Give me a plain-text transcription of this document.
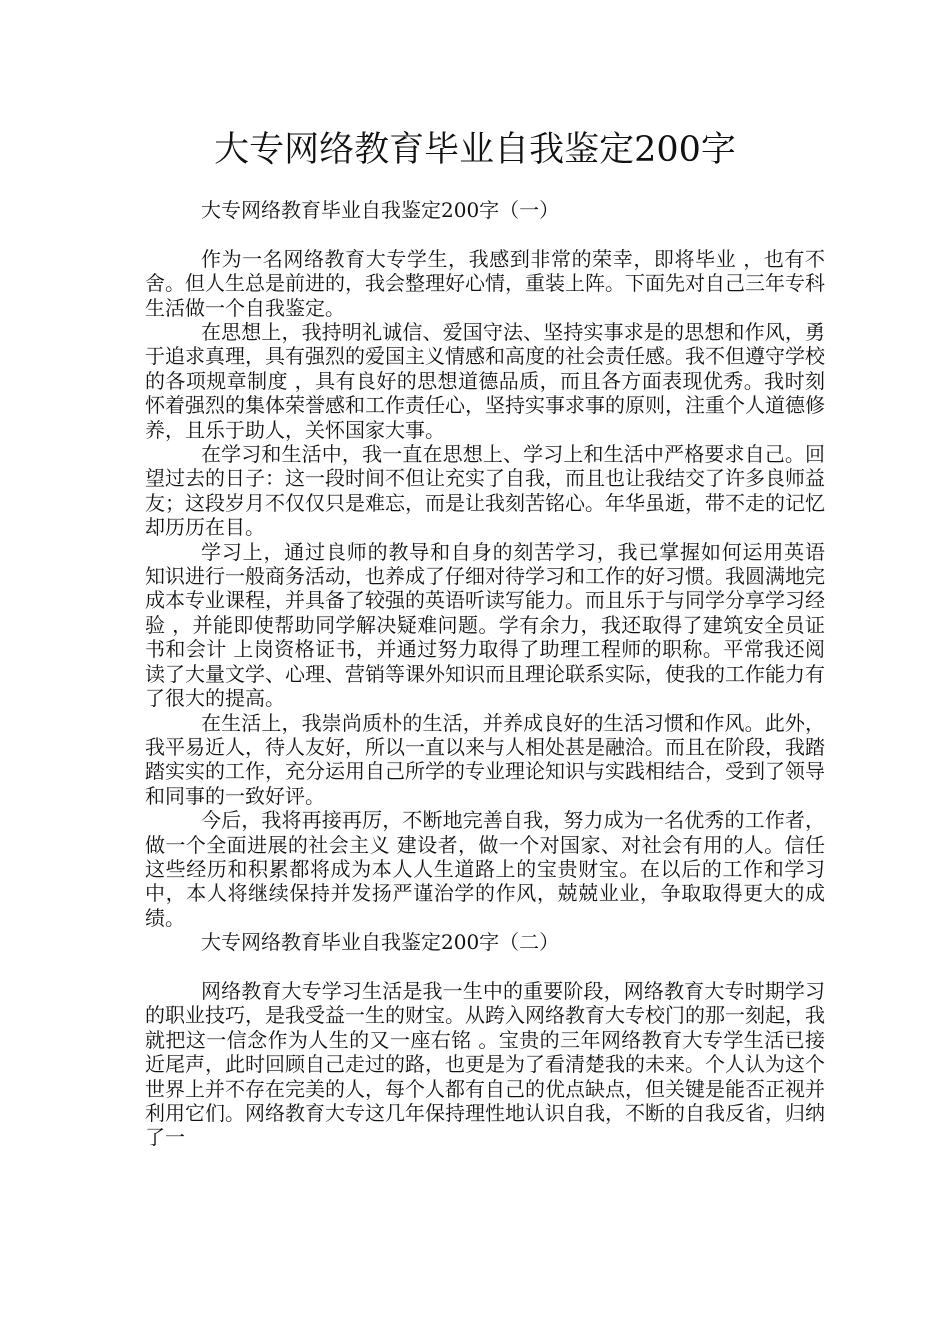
大专网络教育毕业自我鉴定200字

大专网络教育毕业自我鉴定200字（一）

作为一名网络教育大专学生，我感到非常的荣幸，即将毕业 ，也有不舍。但人生总是前进的，我会整理好心情，重装上阵。下面先对自己三年专科生活做一个自我鉴定。

在思想上，我持明礼诚信、爱国守法、坚持实事求是的思想和作风，勇于追求真理，具有强烈的爱国主义情感和高度的社会责任感。我不但遵守学校的各项规章制度 ，具有良好的思想道德品质，而且各方面表现优秀。我时刻怀着强烈的集体荣誉感和工作责任心，坚持实事求事的原则，注重个人道德修养，且乐于助人，关怀国家大事。

在学习和生活中，我一直在思想上、学习上和生活中严格要求自己。回望过去的日子：这一段时间不但让充实了自我，而且也让我结交了许多良师益友；这段岁月不仅仅只是难忘，而是让我刻苦铭心。年华虽逝，带不走的记忆却历历在目。

学习上，通过良师的教导和自身的刻苦学习，我已掌握如何运用英语 知识进行一般商务活动，也养成了仔细对待学习和工作的好习惯。我圆满地完成本专业课程，并具备了较强的英语听读写能力。而且乐于与同学分享学习经验 ，并能即使帮助同学解决疑难问题。学有余力，我还取得了建筑安全员证书和会计 上岗资格证书，并通过努力取得了助理工程师的职称。平常我还阅读了大量文学、心理、营销等课外知识而且理论联系实际，使我的工作能力有了很大的提高。

在生活上，我崇尚质朴的生活，并养成良好的生活习惯和作风。此外，我平易近人，待人友好，所以一直以来与人相处甚是融洽。而且在阶段，我踏踏实实的工作，充分运用自己所学的专业理论知识与实践相结合，受到了领导和同事的一致好评。

今后，我将再接再厉，不断地完善自我，努力成为一名优秀的工作者，做一个全面进展的社会主义 建设者，做一个对国家、对社会有用的人。信任这些经历和积累都将成为本人人生道路上的宝贵财宝。在以后的工作和学习中，本人将继续保持并发扬严谨治学的作风，兢兢业业，争取取得更大的成绩。

大专网络教育毕业自我鉴定200字（二）

网络教育大专学习生活是我一生中的重要阶段，网络教育大专时期学习的职业技巧，是我受益一生的财宝。从跨入网络教育大专校门的那一刻起，我就把这一信念作为人生的又一座右铭 。宝贵的三年网络教育大专学生活已接近尾声，此时回顾自己走过的路，也更是为了看清楚我的未来。个人认为这个世界上并不存在完美的人，每个人都有自己的优点缺点，但关键是能否正视并利用它们。网络教育大专这几年保持理性地认识自我，不断的自我反省，归纳了一
